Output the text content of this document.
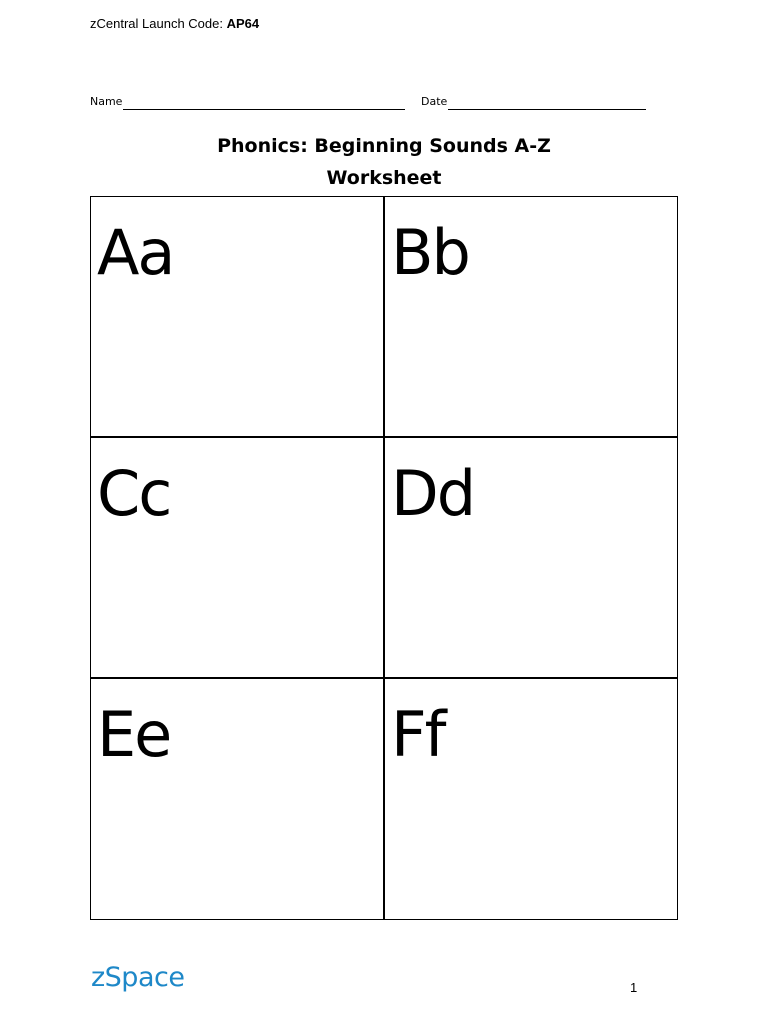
zCentral Launch Code: AP64
Name	Date
Phonics: Beginning Sounds A-Z
Worksheet
Aa	Bb
Cc	Dd
Ee	Ff
zSpace	1
